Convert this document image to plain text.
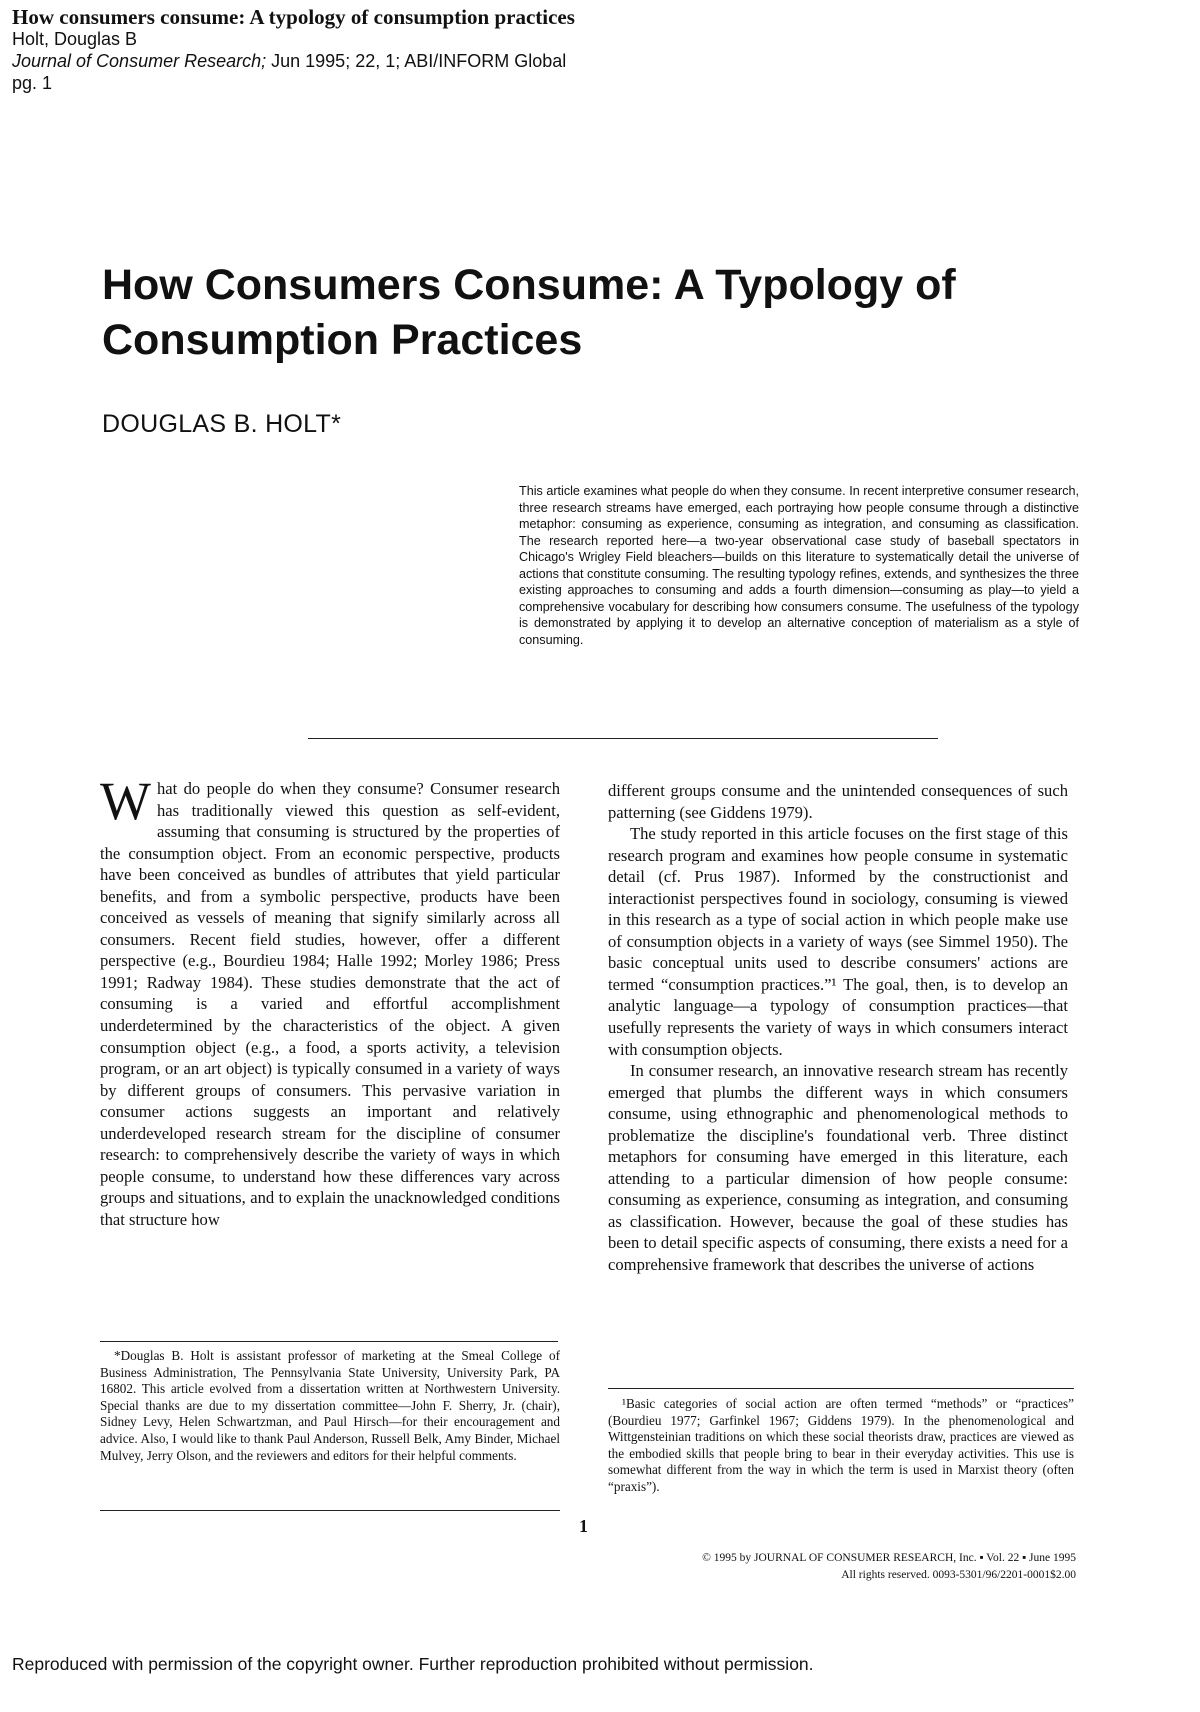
How consumers consume: A typology of consumption practices
Holt, Douglas B
Journal of Consumer Research; Jun 1995; 22, 1; ABI/INFORM Global
pg. 1
How Consumers Consume: A Typology of Consumption Practices
DOUGLAS B. HOLT*

This article examines what people do when they consume. In recent interpretive consumer research, three research streams have emerged, each portraying how people consume through a distinctive metaphor: consuming as experience, consuming as integration, and consuming as classification. The research reported here—a two-year observational case study of baseball spectators in Chicago's Wrigley Field bleachers—builds on this literature to systematically detail the universe of actions that constitute consuming. The resulting typology refines, extends, and synthesizes the three existing approaches to consuming and adds a fourth dimension—consuming as play—to yield a comprehensive vocabulary for describing how consumers consume. The usefulness of the typology is demonstrated by applying it to develop an alternative conception of materialism as a style of consuming.

What do people do when they consume? Consumer research has traditionally viewed this question as self-evident, assuming that consuming is structured by the properties of the consumption object. From an economic perspective, products have been conceived as bundles of attributes that yield particular benefits, and from a symbolic perspective, products have been conceived as vessels of meaning that signify similarly across all consumers. Recent field studies, however, offer a different perspective (e.g., Bourdieu 1984; Halle 1992; Morley 1986; Press 1991; Radway 1984). These studies demonstrate that the act of consuming is a varied and effortful accomplishment underdetermined by the characteristics of the object. A given consumption object (e.g., a food, a sports activity, a television program, or an art object) is typically consumed in a variety of ways by different groups of consumers. This pervasive variation in consumer actions suggests an important and relatively underdeveloped research stream for the discipline of consumer research: to comprehensively describe the variety of ways in which people consume, to understand how these differences vary across groups and situations, and to explain the unacknowledged conditions that structure how

different groups consume and the unintended consequences of such patterning (see Giddens 1979).

The study reported in this article focuses on the first stage of this research program and examines how people consume in systematic detail (cf. Prus 1987). Informed by the constructionist and interactionist perspectives found in sociology, consuming is viewed in this research as a type of social action in which people make use of consumption objects in a variety of ways (see Simmel 1950). The basic conceptual units used to describe consumers' actions are termed “consumption practices.”¹ The goal, then, is to develop an analytic language—a typology of consumption practices—that usefully represents the variety of ways in which consumers interact with consumption objects.

In consumer research, an innovative research stream has recently emerged that plumbs the different ways in which consumers consume, using ethnographic and phenomenological methods to problematize the discipline's foundational verb. Three distinct metaphors for consuming have emerged in this literature, each attending to a particular dimension of how people consume: consuming as experience, consuming as integration, and consuming as classification. However, because the goal of these studies has been to detail specific aspects of consuming, there exists a need for a comprehensive framework that describes the universe of actions

*Douglas B. Holt is assistant professor of marketing at the Smeal College of Business Administration, The Pennsylvania State University, University Park, PA 16802. This article evolved from a dissertation written at Northwestern University. Special thanks are due to my dissertation committee—John F. Sherry, Jr. (chair), Sidney Levy, Helen Schwartzman, and Paul Hirsch—for their encouragement and advice. Also, I would like to thank Paul Anderson, Russell Belk, Amy Binder, Michael Mulvey, Jerry Olson, and the reviewers and editors for their helpful comments.

¹Basic categories of social action are often termed “methods” or “practices” (Bourdieu 1977; Garfinkel 1967; Giddens 1979). In the phenomenological and Wittgensteinian traditions on which these social theorists draw, practices are viewed as the embodied skills that people bring to bear in their everyday activities. This use is somewhat different from the way in which the term is used in Marxist theory (often “praxis”).

1
© 1995 by JOURNAL OF CONSUMER RESEARCH, Inc. ▪ Vol. 22 ▪ June 1995
All rights reserved. 0093-5301/96/2201-0001$2.00
Reproduced with permission of the copyright owner. Further reproduction prohibited without permission.
